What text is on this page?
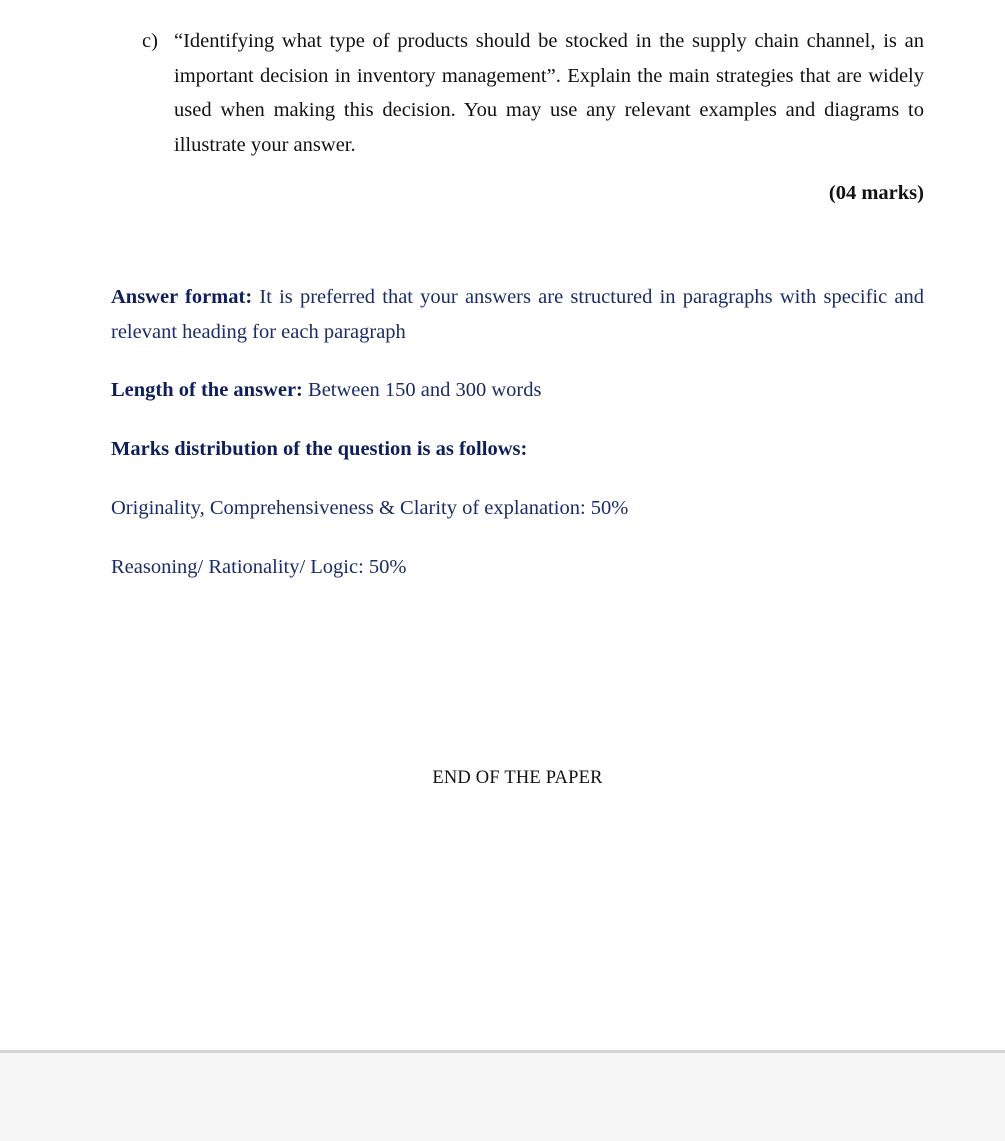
c) “Identifying what type of products should be stocked in the supply chain channel, is an important decision in inventory management”. Explain the main strategies that are widely used when making this decision. You may use any relevant examples and diagrams to illustrate your answer.
(04 marks)
Answer format: It is preferred that your answers are structured in paragraphs with specific and relevant heading for each paragraph
Length of the answer: Between 150 and 300 words
Marks distribution of the question is as follows:
Originality, Comprehensiveness & Clarity of explanation: 50%
Reasoning/ Rationality/ Logic: 50%
END OF THE PAPER
